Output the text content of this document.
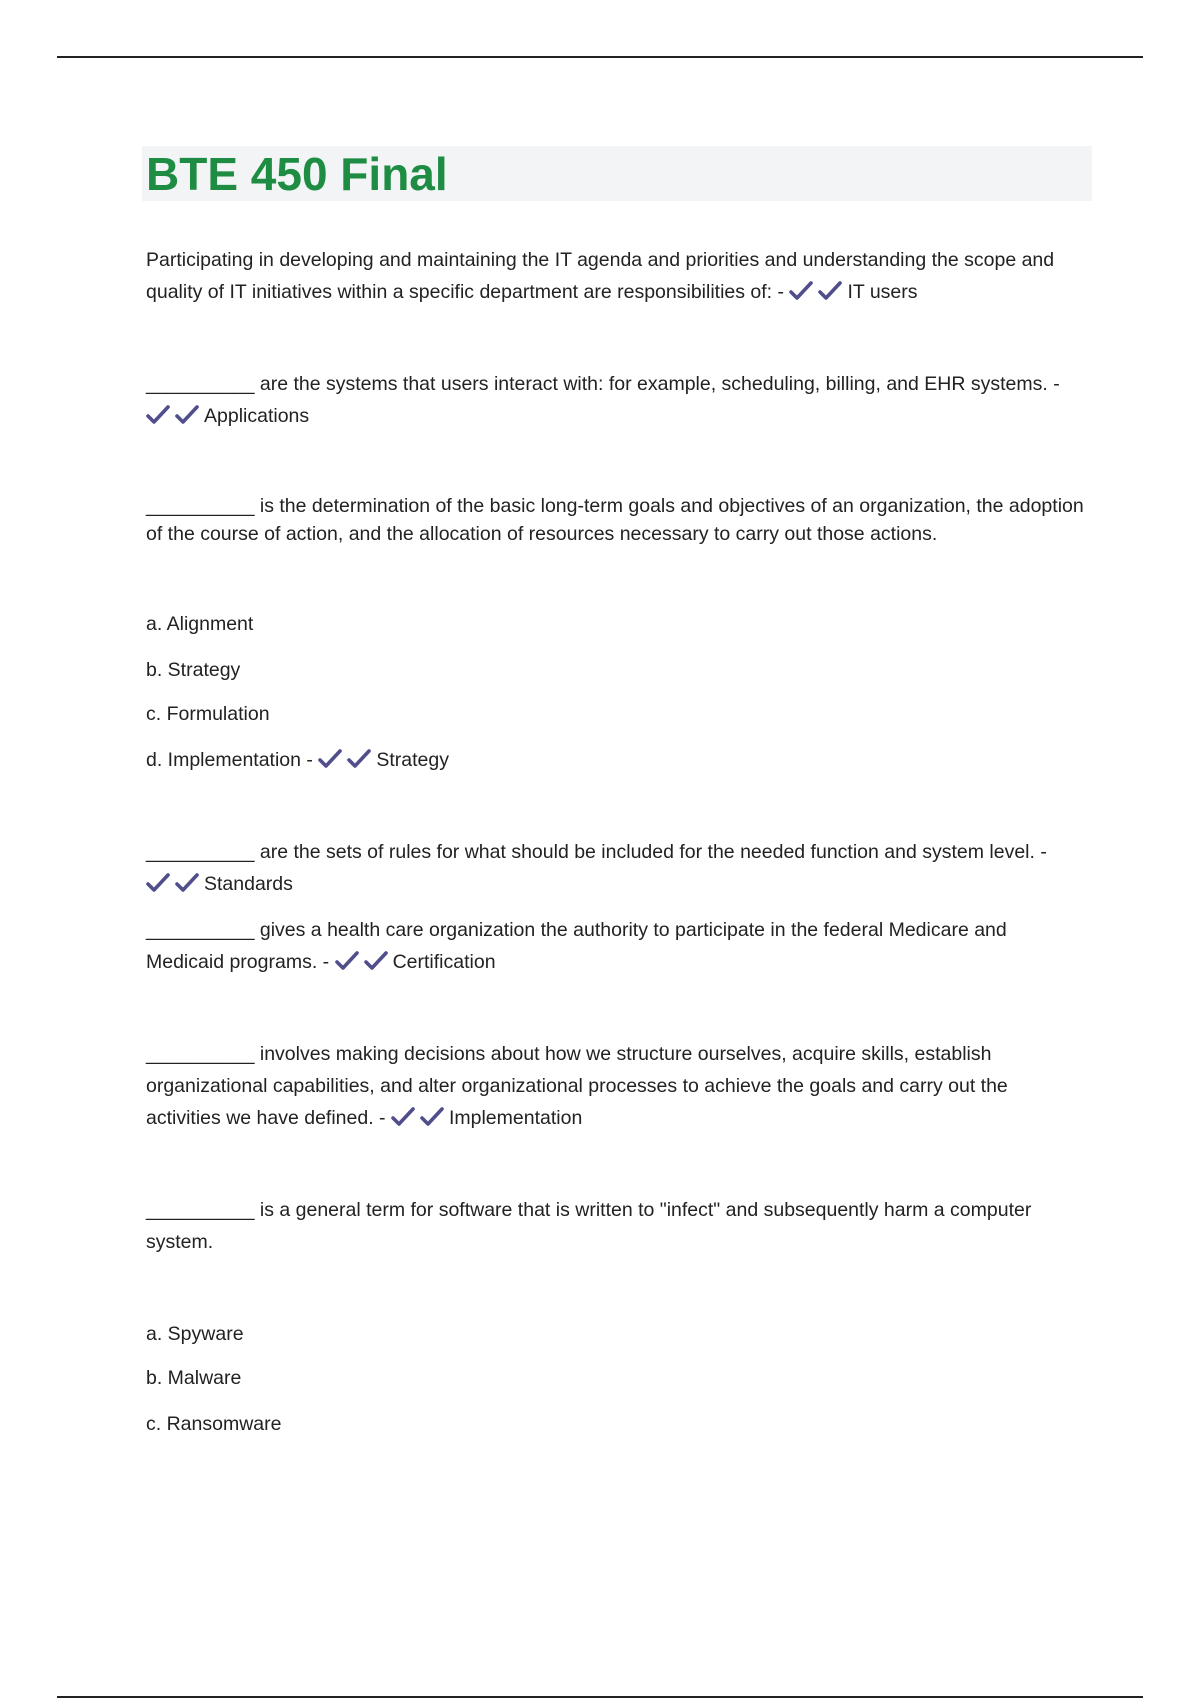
BTE 450 Final

Participating in developing and maintaining the IT agenda and priorities and understanding the scope and quality of IT initiatives within a specific department are responsibilities of: -	IT users

__________ are the systems that users interact with: for example, scheduling, billing, and EHR systems. -
Applications

__________ is the determination of the basic long-term goals and objectives of an organization, the adoption of the course of action, and the allocation of resources necessary to carry out those actions.

a. Alignment

b. Strategy

c. Formulation

d. Implementation -	Strategy

__________ are the sets of rules for what should be included for the needed function and system level. -
Standards

__________ gives a health care organization the authority to participate in the federal Medicare and Medicaid programs. -	Certification

__________ involves making decisions about how we structure ourselves, acquire skills, establish organizational capabilities, and alter organizational processes to achieve the goals and carry out the activities we have defined. -	Implementation

__________ is a general term for software that is written to "infect" and subsequently harm a computer system.

a. Spyware

b. Malware

c. Ransomware
